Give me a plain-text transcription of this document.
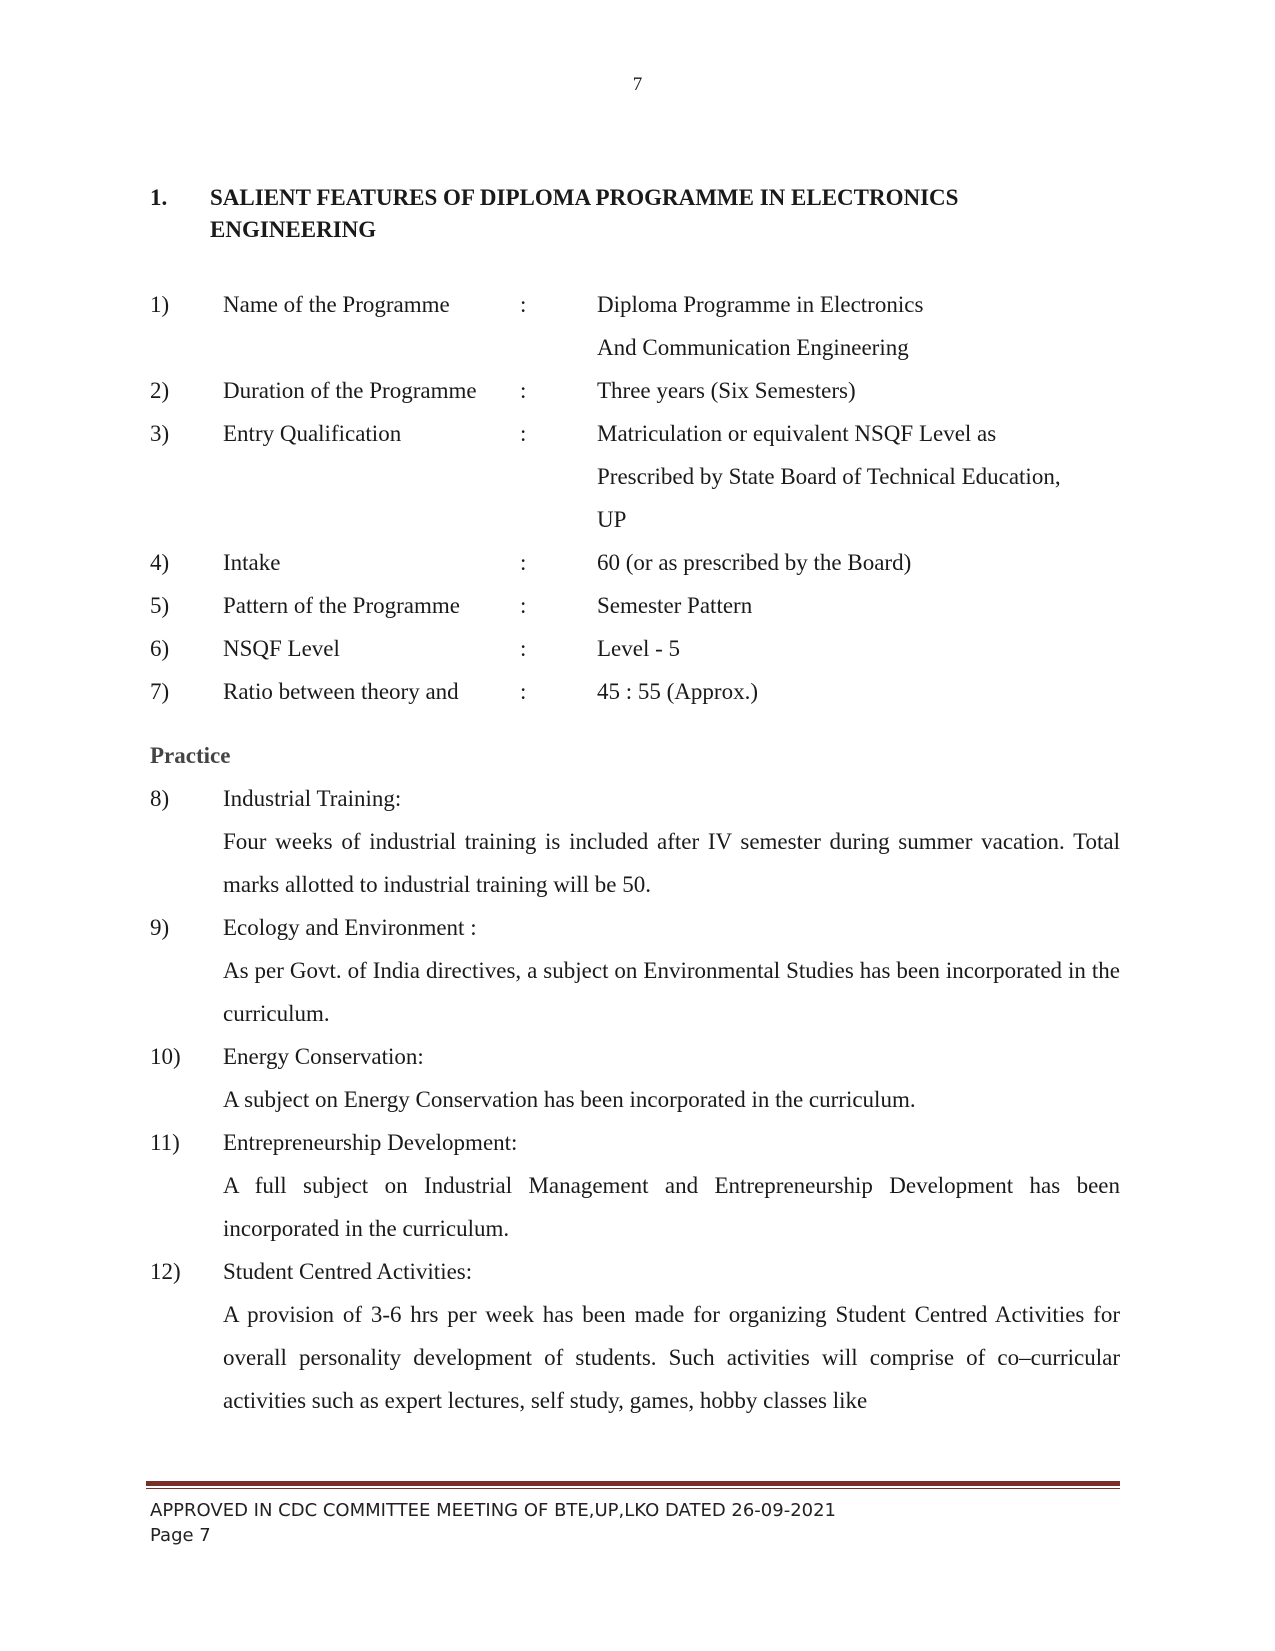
7
1. SALIENT FEATURES OF DIPLOMA PROGRAMME IN ELECTRONICS ENGINEERING
1) Name of the Programme	:	Diploma Programme in Electronics
And Communication Engineering
2) Duration of the Programme :	Three years (Six Semesters)
3) Entry Qualification	:	Matriculation or equivalent NSQF Level as
Prescribed by State Board of Technical Education,
UP
4) Intake	:	60 (or as prescribed by the Board)
5) Pattern of the Programme	:	Semester Pattern
6) NSQF Level	:	Level - 5
7) Ratio between theory and	:	45 : 55 (Approx.)
Practice
8) Industrial Training:
Four weeks of industrial training is included after IV semester during summer vacation. Total marks allotted to industrial training will be 50.
9) Ecology and Environment :
As per Govt. of India directives, a subject on Environmental Studies has been incorporated in the curriculum.
10) Energy Conservation:
A subject on Energy Conservation has been incorporated in the curriculum.
11) Entrepreneurship Development:
A full subject on Industrial Management and Entrepreneurship Development has been incorporated in the curriculum.
12) Student Centred Activities:
A provision of 3-6 hrs per week has been made for organizing Student Centred Activities for overall personality development of students. Such activities will comprise of co–curricular activities such as expert lectures, self study, games, hobby classes like
APPROVED IN CDC COMMITTEE MEETING OF BTE,UP,LKO DATED 26-09-2021
Page 7
